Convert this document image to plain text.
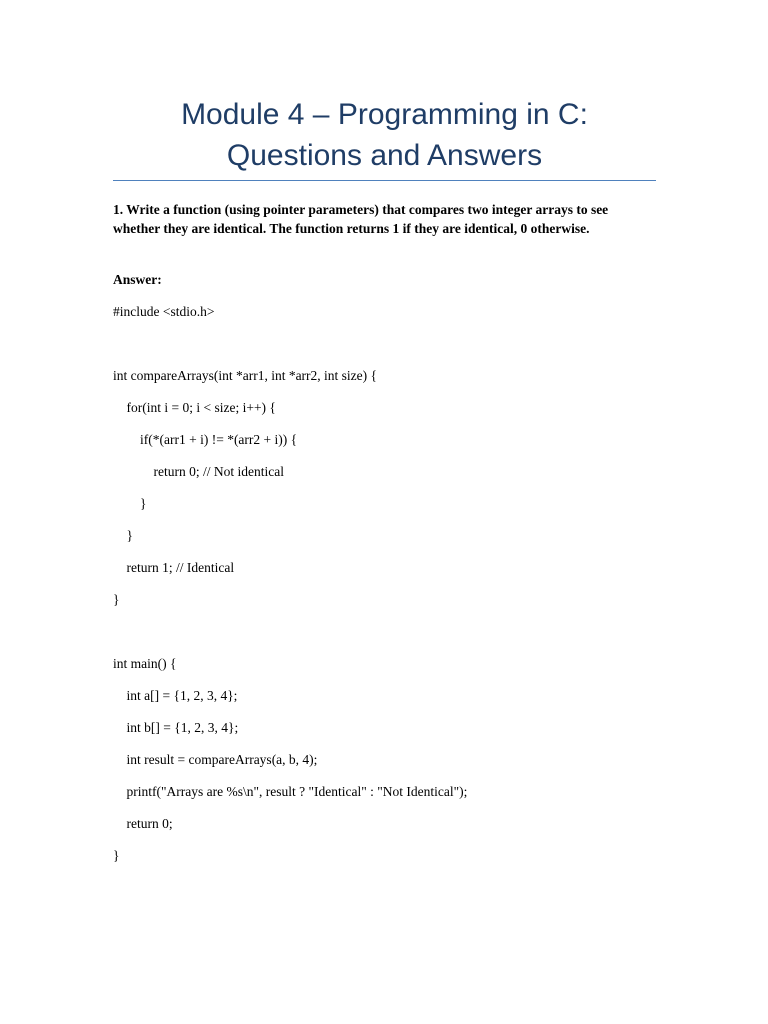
Module 4 – Programming in C:
Questions and Answers

1. Write a function (using pointer parameters) that compares two integer arrays to see whether they are identical. The function returns 1 if they are identical, 0 otherwise.

Answer:

#include <stdio.h>
int compareArrays(int *arr1, int *arr2, int size) {
for(int i = 0; i < size; i++) {
if(*(arr1 + i) != *(arr2 + i)) {
return 0; // Not identical
}
}
return 1; // Identical
}
int main() {
int a[] = {1, 2, 3, 4};
int b[] = {1, 2, 3, 4};
int result = compareArrays(a, b, 4);
printf("Arrays are %s\n", result ? "Identical" : "Not Identical");
return 0;
}
